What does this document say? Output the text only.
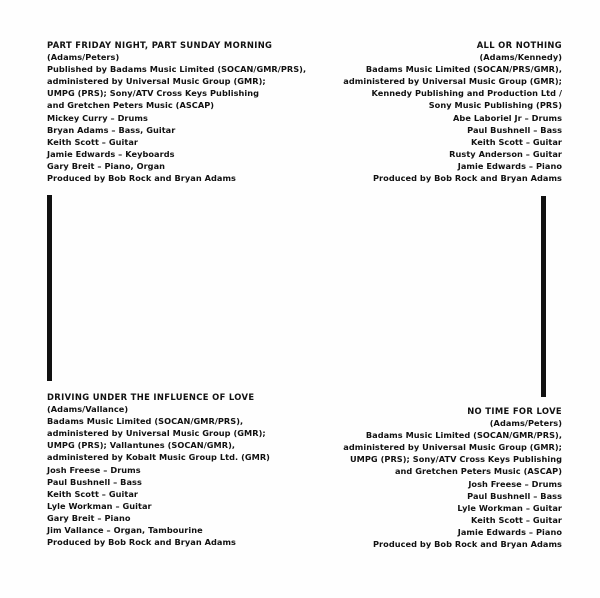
PART FRIDAY NIGHT, PART SUNDAY MORNING
(Adams/Peters)
Published by Badams Music Limited (SOCAN/GMR/PRS),
administered by Universal Music Group (GMR);
UMPG (PRS); Sony/ATV Cross Keys Publishing
and Gretchen Peters Music (ASCAP)
Mickey Curry – Drums
Bryan Adams – Bass, Guitar
Keith Scott – Guitar
Jamie Edwards – Keyboards
Gary Breit – Piano, Organ
Produced by Bob Rock and Bryan Adams
ALL OR NOTHING
(Adams/Kennedy)
Badams Music Limited (SOCAN/PRS/GMR),
administered by Universal Music Group (GMR);
Kennedy Publishing and Production Ltd /
Sony Music Publishing (PRS)
Abe Laboriel Jr – Drums
Paul Bushnell – Bass
Keith Scott – Guitar
Rusty Anderson – Guitar
Jamie Edwards – Piano
Produced by Bob Rock and Bryan Adams
DRIVING UNDER THE INFLUENCE OF LOVE
(Adams/Vallance)
Badams Music Limited (SOCAN/GMR/PRS),
administered by Universal Music Group (GMR);
UMPG (PRS); Vallantunes (SOCAN/GMR),
administered by Kobalt Music Group Ltd. (GMR)
Josh Freese – Drums
Paul Bushnell – Bass
Keith Scott – Guitar
Lyle Workman – Guitar
Gary Breit – Piano
Jim Vallance – Organ, Tambourine
Produced by Bob Rock and Bryan Adams
NO TIME FOR LOVE
(Adams/Peters)
Badams Music Limited (SOCAN/GMR/PRS),
administered by Universal Music Group (GMR);
UMPG (PRS); Sony/ATV Cross Keys Publishing
and Gretchen Peters Music (ASCAP)
Josh Freese – Drums
Paul Bushnell – Bass
Lyle Workman – Guitar
Keith Scott – Guitar
Jamie Edwards – Piano
Produced by Bob Rock and Bryan Adams
